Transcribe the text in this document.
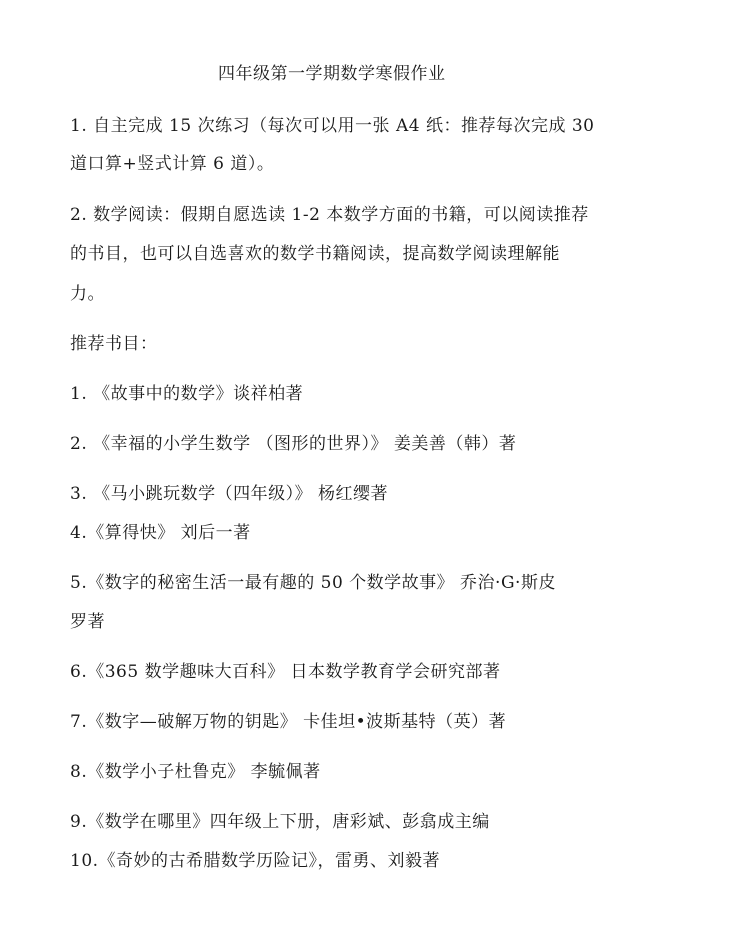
四年级第一学期数学寒假作业
1. 自主完成 15 次练习（每次可以用一张 A4 纸：推荐每次完成 30
道口算+竖式计算 6 道）。
2. 数学阅读：假期自愿选读 1-2 本数学方面的书籍，可以阅读推荐
的书目，也可以自选喜欢的数学书籍阅读，提高数学阅读理解能
力。
推荐书目：
1. 《故事中的数学》谈祥柏著
2. 《幸福的小学生数学 （图形的世界）》 姜美善（韩）著
3. 《马小跳玩数学（四年级）》 杨红缨著
4.《算得快》 刘后一著
5.《数字的秘密生活一最有趣的 50 个数学故事》 乔治·G·斯皮
罗著
6.《365 数学趣味大百科》 日本数学教育学会研究部著
7.《数字—破解万物的钥匙》 卡佳坦•波斯基特（英）著
8.《数学小子杜鲁克》 李毓佩著
9.《数学在哪里》四年级上下册，唐彩斌、彭翕成主编
10.《奇妙的古希腊数学历险记》，雷勇、刘毅著
